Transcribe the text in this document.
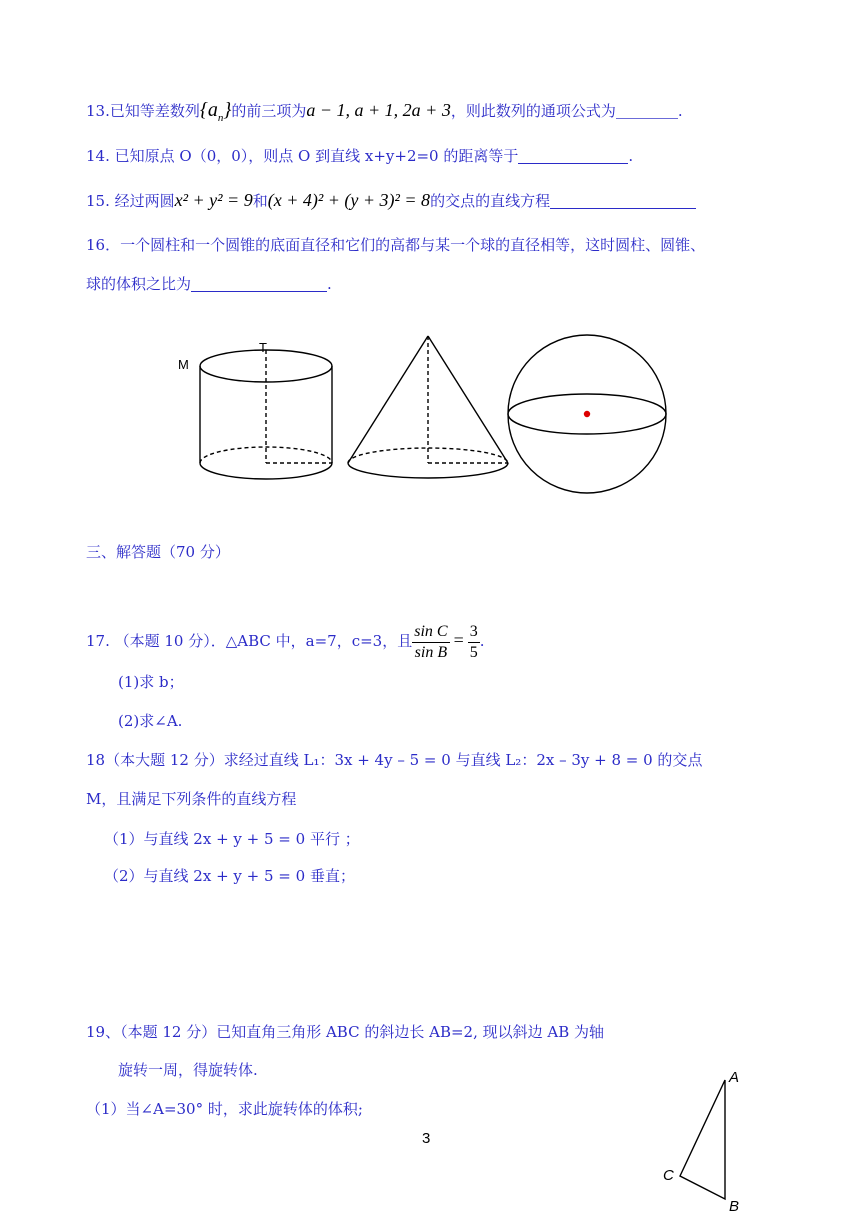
13.已知等差数列$\{a_n\}$的前三项为a − 1, a + 1, 2a + 3，则此数列的通项公式为	.
14. 已知原点 O（0，0），则点 O 到直线 x+y+2=0 的距离等于	.
15. 经过两圆x² + y² = 9和(x + 4)² + (y + 3)² = 8的交点的直线方程
16．一个圆柱和一个圆锥的底面直径和它们的高都与某一个球的直径相等，这时圆柱、圆锥、
球的体积之比为	.
M
T
三、解答题（70 分）
17. （本题 10 分）．△ABC 中，a=7，c=3，且 $\frac{\text{sin C}}{\text{sin B}} = \frac{3}{5}$ .
(1)求 b；
(2)求∠A.
18（本大题 12 分）求经过直线 L₁：3x + 4y – 5 = 0 与直线 L₂：2x – 3y + 8 = 0 的交点
M，且满足下列条件的直线方程
（1）与直线 2x + y + 5 = 0 平行 ；
（2）与直线 2x + y + 5 = 0 垂直；
19、（本题 12 分）已知直角三角形 ABC 的斜边长 AB=2, 现以斜边 AB 为轴
旋转一周，得旋转体.
（1）当∠A=30° 时，求此旋转体的体积;
A
B
C
3
